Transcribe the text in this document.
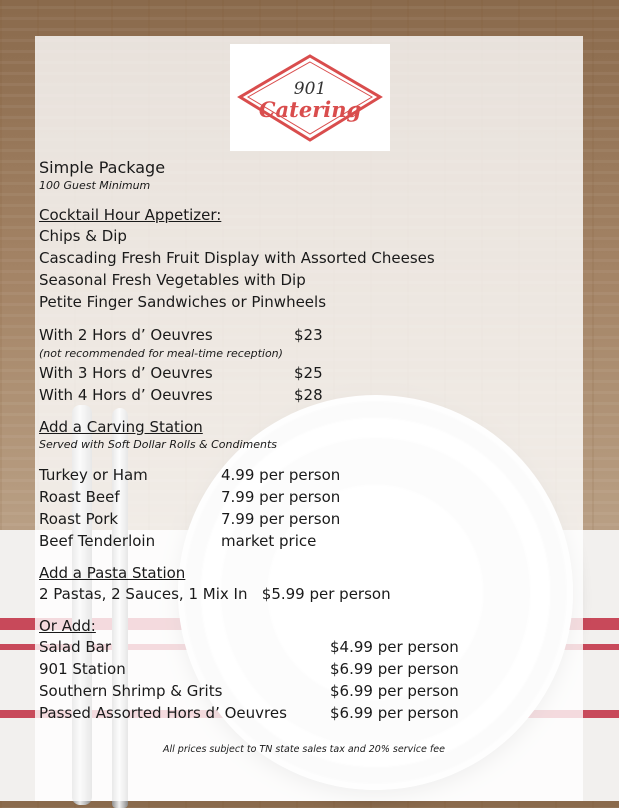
901
Catering
Simple Package
100 Guest Minimum
Cocktail Hour Appetizer:
Chips & Dip
Cascading Fresh Fruit Display with Assorted Cheeses
Seasonal Fresh Vegetables with Dip
Petite Finger Sandwiches or Pinwheels
With 2 Hors d’ Oeuvres	$23
(not recommended for meal-time reception)
With 3 Hors d’ Oeuvres	$25
With 4 Hors d’ Oeuvres	$28
Add a Carving Station
Served with Soft Dollar Rolls & Condiments
Turkey or Ham	4.99 per person
Roast Beef	7.99 per person
Roast Pork	7.99 per person
Beef Tenderloin	market price
Add a Pasta Station
2 Pastas, 2 Sauces, 1 Mix In   $5.99 per person
Or Add:
Salad Bar	$4.99 per person
901 Station	$6.99 per person
Southern Shrimp & Grits	$6.99 per person
Passed Assorted Hors d’ Oeuvres	$6.99 per person
All prices subject to TN state sales tax and 20% service fee
